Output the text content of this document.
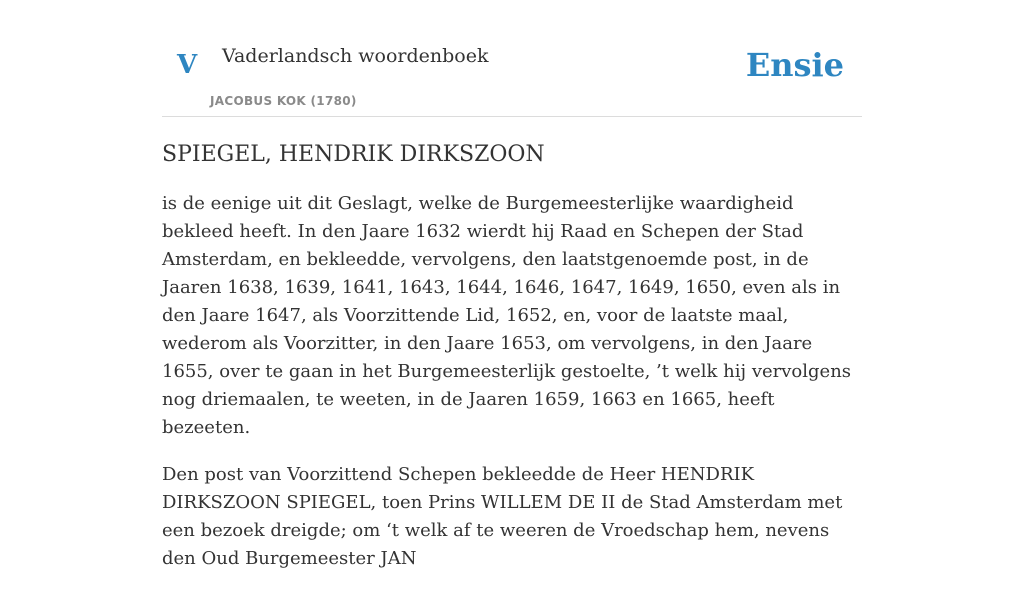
V Vaderlandsch woordenboek
JACOBUS KOK (1780)
Ensie
SPIEGEL, HENDRIK DIRKSZOON

is de eenige uit dit Geslagt, welke de Burgemeesterlijke waardigheid bekleed heeft. In den Jaare 1632 wierdt hij Raad en Schepen der Stad Amsterdam, en bekleedde, vervolgens, den laatstgenoemde post, in de Jaaren 1638, 1639, 1641, 1643, 1644, 1646, 1647, 1649, 1650, even als in den Jaare 1647, als Voorzittende Lid, 1652, en, voor de laatste maal, wederom als Voorzitter, in den Jaare 1653, om vervolgens, in den Jaare 1655, over te gaan in het Burgemeesterlijk gestoelte, ’t welk hij vervolgens nog driemaalen, te weeten, in de Jaaren 1659, 1663 en 1665, heeft bezeeten.

Den post van Voorzittend Schepen bekleedde de Heer HENDRIK DIRKSZOON SPIEGEL, toen Prins WILLEM DE II de Stad Amsterdam met een bezoek dreigde; om ‘t welk af te weeren de Vroedschap hem, nevens den Oud Burgemeester JAN
